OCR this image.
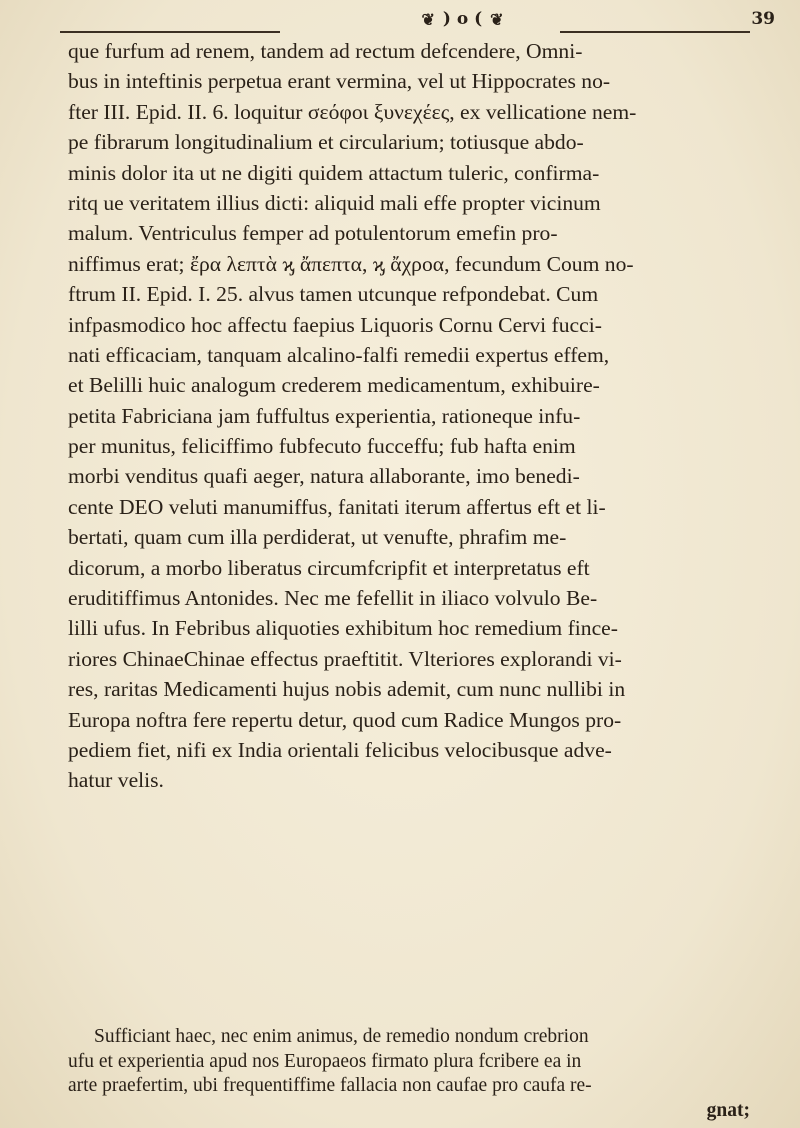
❦ ) o ( ❦	39
que furfum ad renem, tandem ad rectum defcendere, Omni-
bus in inteftinis perpetua erant vermina, vel ut Hippocrates no-
fter III. Epid. II. 6. loquitur σεόφοι ξυνεχέες, ex vellicatione nem-
pe fibrarum longitudinalium et circularium; totiusque abdo-
minis dolor ita ut ne digiti quidem attactum tuleric, confirma-
ritq ue veritatem illius dicti: aliquid mali effe propter vicinum
malum. Ventriculus femper ad potulentorum emefin pro-
niffimus erat; ἔρα λεπτὰ ϗ ἄπεπτα, ϗ ἄχροα, fecundum Coum no-
ftrum II. Epid. I. 25. alvus tamen utcunque refpondebat. Cum
infpasmodico hoc affectu faepius Liquoris Cornu Cervi fucci-
nati efficaciam, tanquam alcalino-falfi remedii expertus effem,
et Belilli huic analogum crederem medicamentum, exhibuire-
petita Fabriciana jam fuffultus experientia, rationeque infu-
per munitus, feliciffimo fubfecuto fucceffu; fub hafta enim
morbi venditus quafi aeger, natura allaborante, imo benedi-
cente DEO veluti manumiffus, fanitati iterum affertus eft et li-
bertati, quam cum illa perdiderat, ut venufte, phrafim me-
dicorum, a morbo liberatus circumfcripfit et interpretatus eft
eruditiffimus Antonides. Nec me fefellit in iliaco volvulo Be-
lilli ufus. In Febribus aliquoties exhibitum hoc remedium fince-
riores ChinaeChinae effectus praeftitit. Vlteriores explorandi vi-
res, raritas Medicamenti hujus nobis ademit, cum nunc nullibi in
Europa noftra fere repertu detur, quod cum Radice Mungos pro-
pediem fiet, nifi ex India orientali felicibus velocibusque adve-
hatur velis.
Sufficiant haec, nec enim animus, de remedio nondum crebrion
ufu et experientia apud nos Europaeos firmato plura fcribere ea in
arte praefertim, ubi frequentiffime fallacia non caufae pro caufa re-
gnat;
